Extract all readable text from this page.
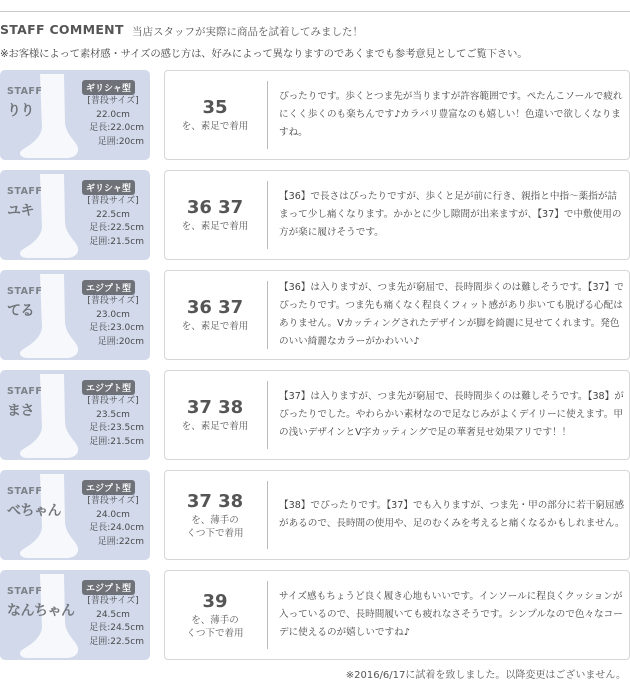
STAFF COMMENT 当店スタッフが実際に商品を試着してみました！
※お客様によって素材感・サイズの感じ方は、好みによって異なりますのであくまでも参考意見としてご覧下さい。
STAFF
りり
ギリシャ型
[普段サイズ]
22.0cm
足長:22.0cm
足囲:20cm
35
を、素足で着用
ぴったりです。歩くとつま先が当りますが許容範囲です。ぺたんこソールで疲れにくく歩くのも楽ちんです♪カラバリ豊富なのも嬉しい！色違いで欲しくなりますね。
STAFF
ユキ
ギリシャ型
[普段サイズ]
22.5cm
足長:22.5cm
足囲:21.5cm
36 37
を、素足で着用
【36】で長さはぴったりですが、歩くと足が前に行き、親指と中指～薬指が詰まって少し痛くなります。かかとに少し隙間が出来ますが、【37】で中敷使用の方が楽に履けそうです。
STAFF
てる
エジプト型
[普段サイズ]
23.0cm
足長:23.0cm
足囲:20cm
36 37
を、素足で着用
【36】は入りますが、つま先が窮屈で、長時間歩くのは難しそうです。【37】でぴったりです。つま先も痛くなく程良くフィット感があり歩いても脱げる心配はありません。Vカッティングされたデザインが脚を綺麗に見せてくれます。発色のいい綺麗なカラーがかわいい♪
STAFF
まさ
エジプト型
[普段サイズ]
23.5cm
足長:23.5cm
足囲:21.5cm
37 38
を、素足で着用
【37】は入りますが、つま先が窮屈で、長時間歩くのは難しそうです。【38】がぴったりでした。やわらかい素材なので足なじみがよくデイリーに使えます。甲の浅いデザインとV字カッティングで足の華奢見せ効果アリです！！
STAFF
べちゃん
エジプト型
[普段サイズ]
24.0cm
足長:24.0cm
足囲:22cm
37 38
を、薄手の
くつ下で着用
【38】でぴったりです。【37】でも入りますが、つま先・甲の部分に若干窮屈感があるので、長時間の使用や、足のむくみを考えると痛くなるかもしれません。
STAFF
なんちゃん
エジプト型
[普段サイズ]
24.5cm
足長:24.5cm
足囲:22.5cm
39
を、薄手の
くつ下で着用
サイズ感もちょうど良く履き心地もいいです。インソールに程良くクッションが入っているので、長時間履いても疲れなさそうです。シンプルなので色々なコーデに使えるのが嬉しいですね♪
※2016/6/17に試着を致しました。以降変更はございません。
